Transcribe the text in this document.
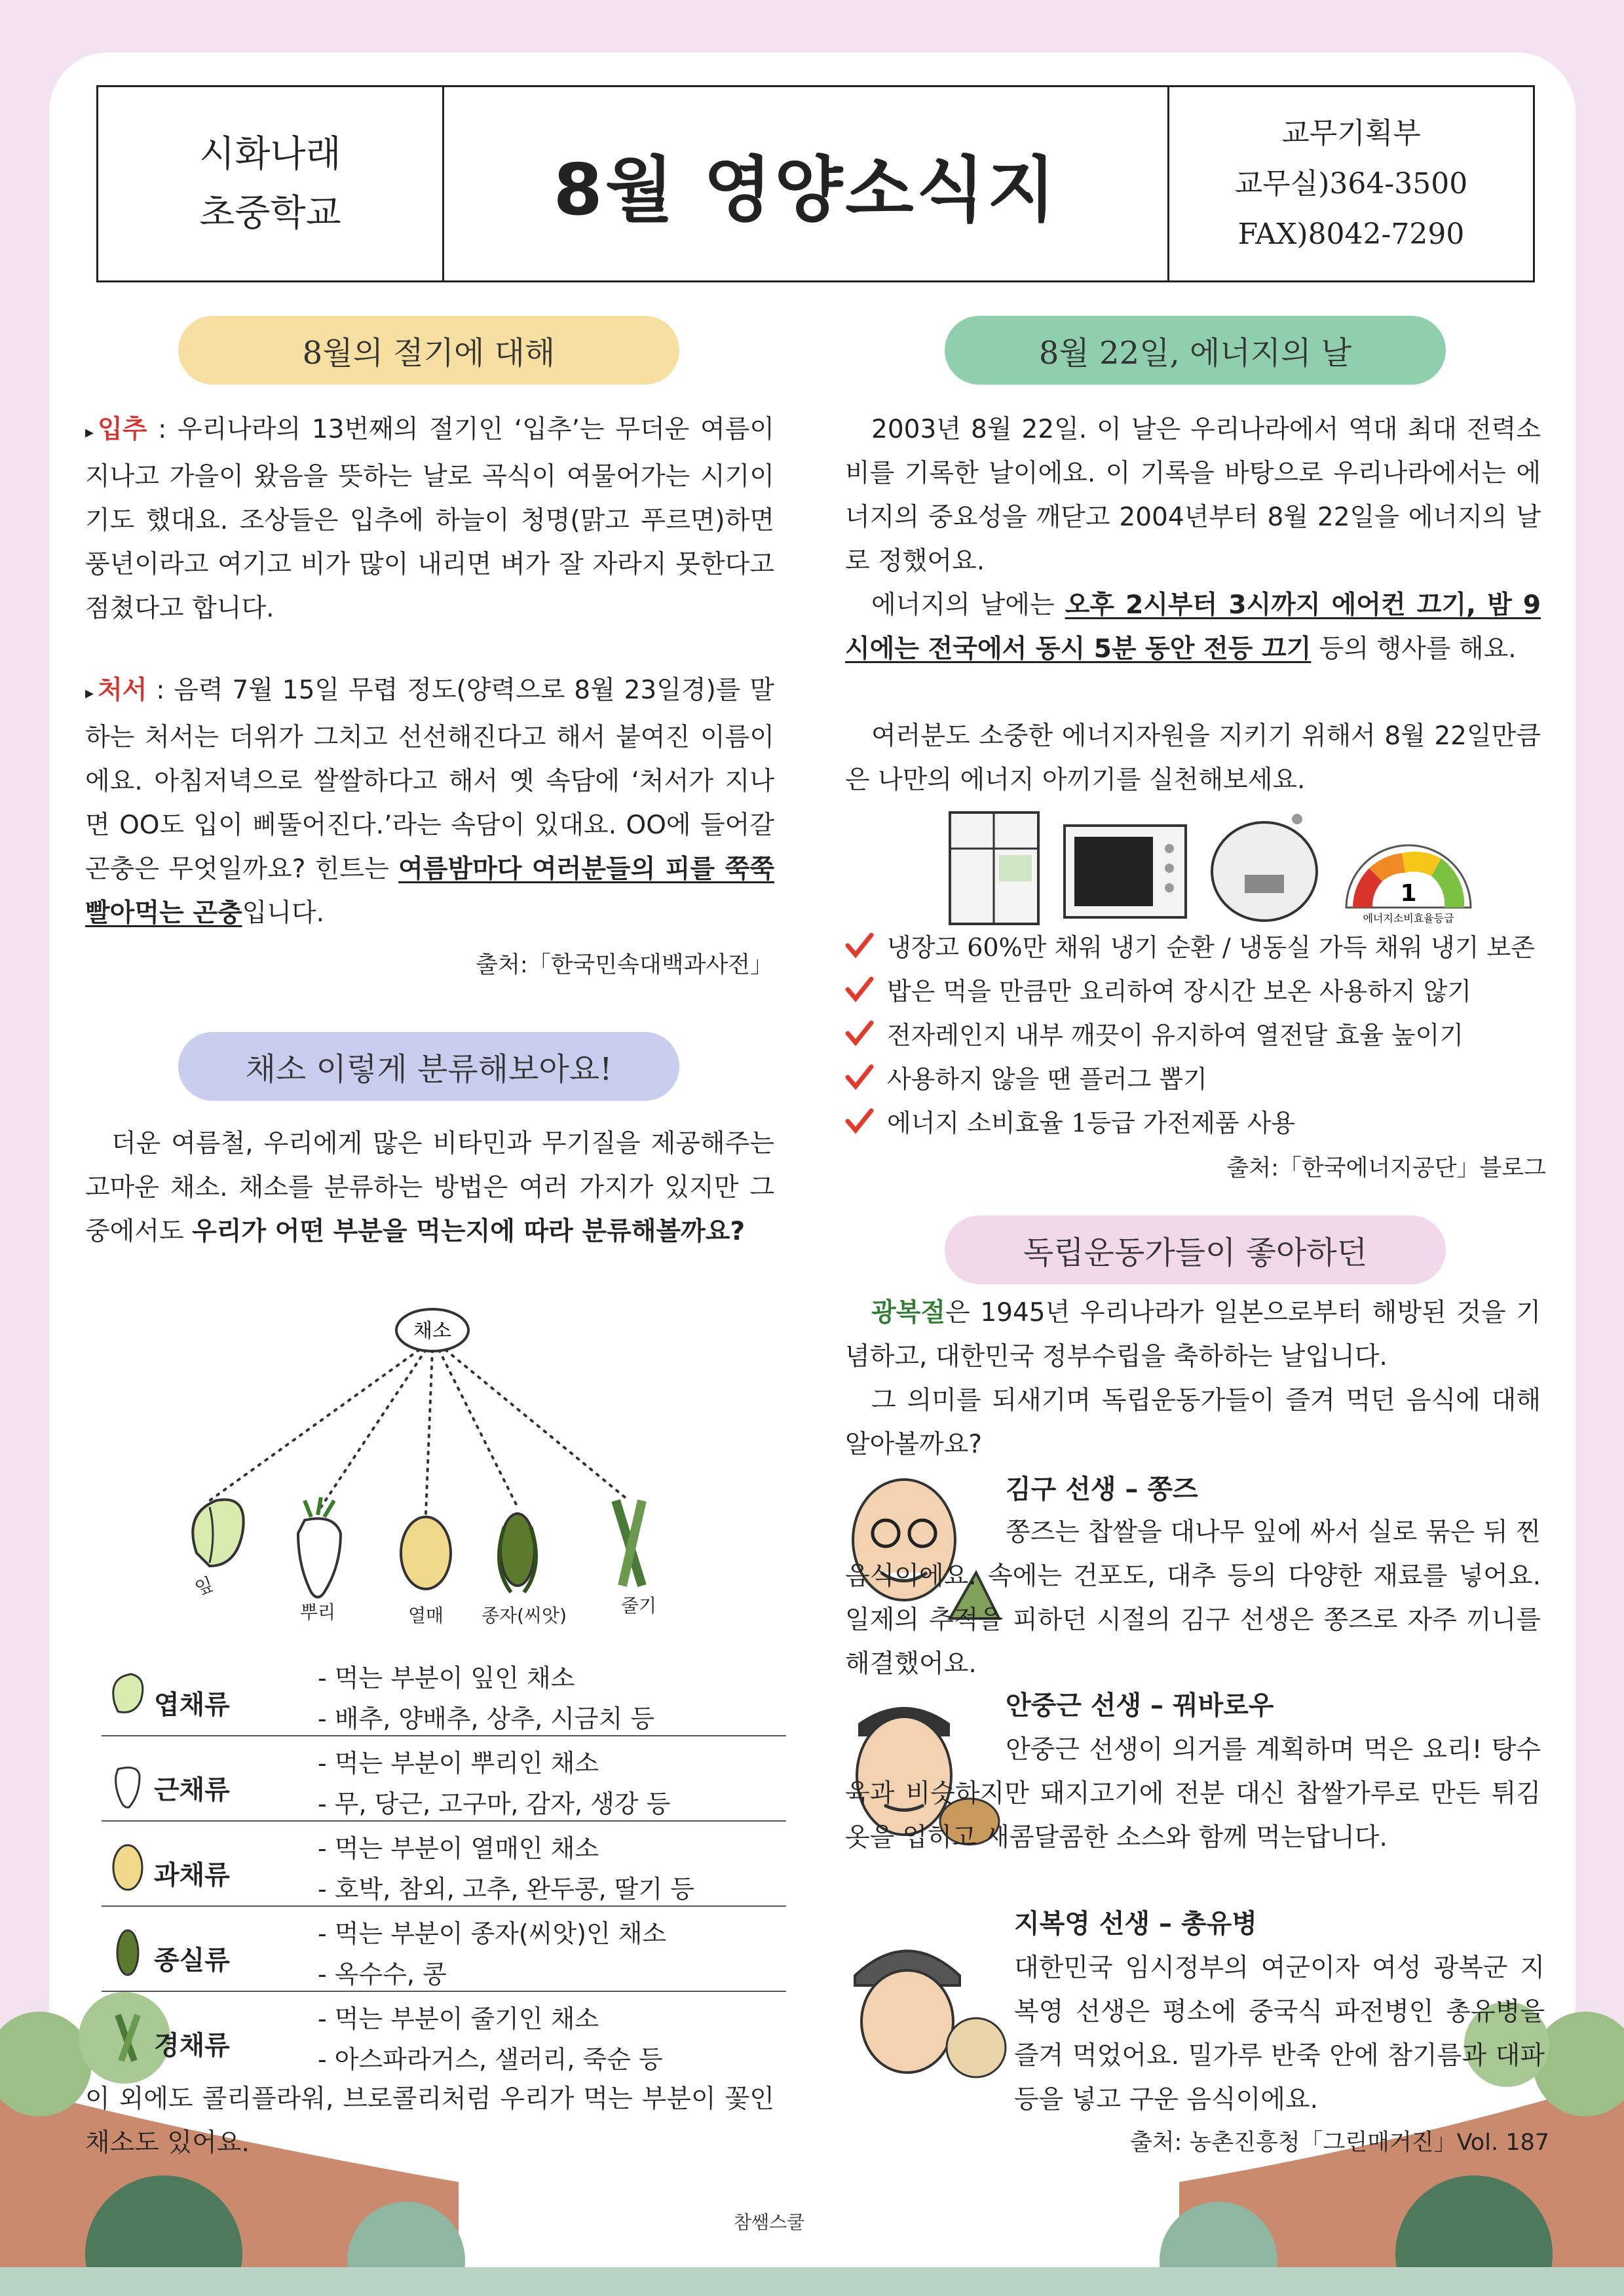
참쌤스쿨
시화나래
초중학교	8월 영양소식지
교무기획부
교무실)364-3500
FAX)8042-7290
8월의 절기에 대해

▸ 입추 : 우리나라의 13번째의 절기인 ‘입추’는 무더운 여름이 지나고 가을이 왔음을 뜻하는 날로 곡식이 여물어가는 시기이기도 했대요. 조상들은 입추에 하늘이 청명(맑고 푸르면)하면 풍년이라고 여기고 비가 많이 내리면 벼가 잘 자라지 못한다고 점쳤다고 합니다.

▸ 처서 : 음력 7월 15일 무렵 정도(양력으로 8월 23일경)를 말하는 처서는 더위가 그치고 선선해진다고 해서 붙여진 이름이에요. 아침저녁으로 쌀쌀하다고 해서 옛 속담에 ‘처서가 지나면 OO도 입이 삐뚤어진다.’라는 속담이 있대요. OO에 들어갈 곤충은 무엇일까요? 힌트는 여름밤마다 여러분들의 피를 쭉쭉 빨아먹는 곤충입니다.

출처:「한국민속대백과사전」
채소 이렇게 분류해보아요!

더운 여름철, 우리에게 많은 비타민과 무기질을 제공해주는 고마운 채소. 채소를 분류하는 방법은 여러 가지가 있지만 그 중에서도 우리가 어떤 부분을 먹는지에 따라 분류해볼까요?

채소
잎
뿌리	열매 종자(씨앗)	줄기
엽채류
- 먹는 부분이 잎인 채소
- 배추, 양배추, 상추, 시금치 등
근채류
- 먹는 부분이 뿌리인 채소
- 무, 당근, 고구마, 감자, 생강 등
과채류
- 먹는 부분이 열매인 채소
- 호박, 참외, 고추, 완두콩, 딸기 등
종실류
- 먹는 부분이 종자(씨앗)인 채소
- 옥수수, 콩
경채류
- 먹는 부분이 줄기인 채소
- 아스파라거스, 샐러리, 죽순 등

이 외에도 콜리플라워, 브로콜리처럼 우리가 먹는 부분이 꽃인 채소도 있어요.

8월 22일, 에너지의 날

2003년 8월 22일. 이 날은 우리나라에서 역대 최대 전력소비를 기록한 날이에요. 이 기록을 바탕으로 우리나라에서는 에너지의 중요성을 깨닫고 2004년부터 8월 22일을 에너지의 날로 정했어요.

에너지의 날에는 오후 2시부터 3시까지 에어컨 끄기, 밤 9시에는 전국에서 동시 5분 동안 전등 끄기 등의 행사를 해요.

여러분도 소중한 에너지자원을 지키기 위해서 8월 22일만큼은 나만의 에너지 아끼기를 실천해보세요.

1
에너지소비효율등급
냉장고 60%만 채워 냉기 순환 / 냉동실 가득 채워 냉기 보존
밥은 먹을 만큼만 요리하여 장시간 보온 사용하지 않기
전자레인지 내부 깨끗이 유지하여 열전달 효율 높이기
사용하지 않을 땐 플러그 뽑기
에너지 소비효율 1등급 가전제품 사용
출처:「한국에너지공단」블로그
독립운동가들이 좋아하던

광복절은 1945년 우리나라가 일본으로부터 해방된 것을 기념하고, 대한민국 정부수립을 축하하는 날입니다.

그 의미를 되새기며 독립운동가들이 즐겨 먹던 음식에 대해 알아볼까요?

김구 선생 – 쫑즈

쫑즈는 찹쌀을 대나무 잎에 싸서 실로 묶은 뒤 찐 음식이에요. 속에는 건포도, 대추 등의 다양한 재료를 넣어요. 일제의 추적을 피하던 시절의 김구 선생은 쫑즈로 자주 끼니를 해결했어요.

안중근 선생 – 꿔바로우

안중근 선생이 의거를 계획하며 먹은 요리! 탕수육과 비슷하지만 돼지고기에 전분 대신 찹쌀가루로 만든 튀김옷을 입히고 새콤달콤한 소스와 함께 먹는답니다.

지복영 선생 – 총유병

대한민국 임시정부의 여군이자 여성 광복군 지복영 선생은 평소에 중국식 파전병인 총유병을 즐겨 먹었어요. 밀가루 반죽 안에 참기름과 대파 등을 넣고 구운 음식이에요.

출처: 농촌진흥청「그린매거진」Vol. 187
